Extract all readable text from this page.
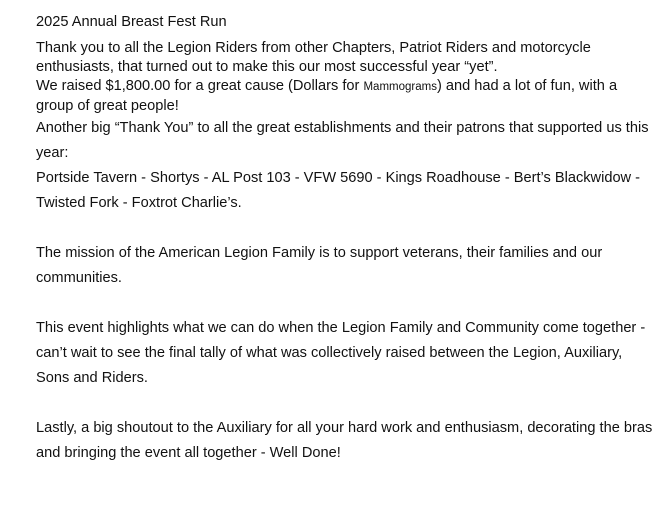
2025 Annual Breast Fest Run
Thank you to all the Legion Riders from other Chapters, Patriot Riders and motorcycle
enthusiasts, that turned out to make this our most successful year “yet”.
We raised $1,800.00 for a great cause (Dollars for Mammograms) and had a lot of fun, with a
group of great people!
Another big “Thank You” to all the great establishments and their patrons that supported us this
year:
Portside Tavern - Shortys - AL Post 103 - VFW 5690 - Kings Roadhouse - Bert’s Blackwidow -
Twisted Fork - Foxtrot Charlie’s.
The mission of the American Legion Family is to support veterans, their families and our
communities.
This event highlights what we can do when the Legion Family and Community come together -
can’t wait to see the final tally of what was collectively raised between the Legion, Auxiliary,
Sons and Riders.
Lastly, a big shoutout to the Auxiliary for all your hard work and enthusiasm, decorating the bras
and bringing the event all together - Well Done!
